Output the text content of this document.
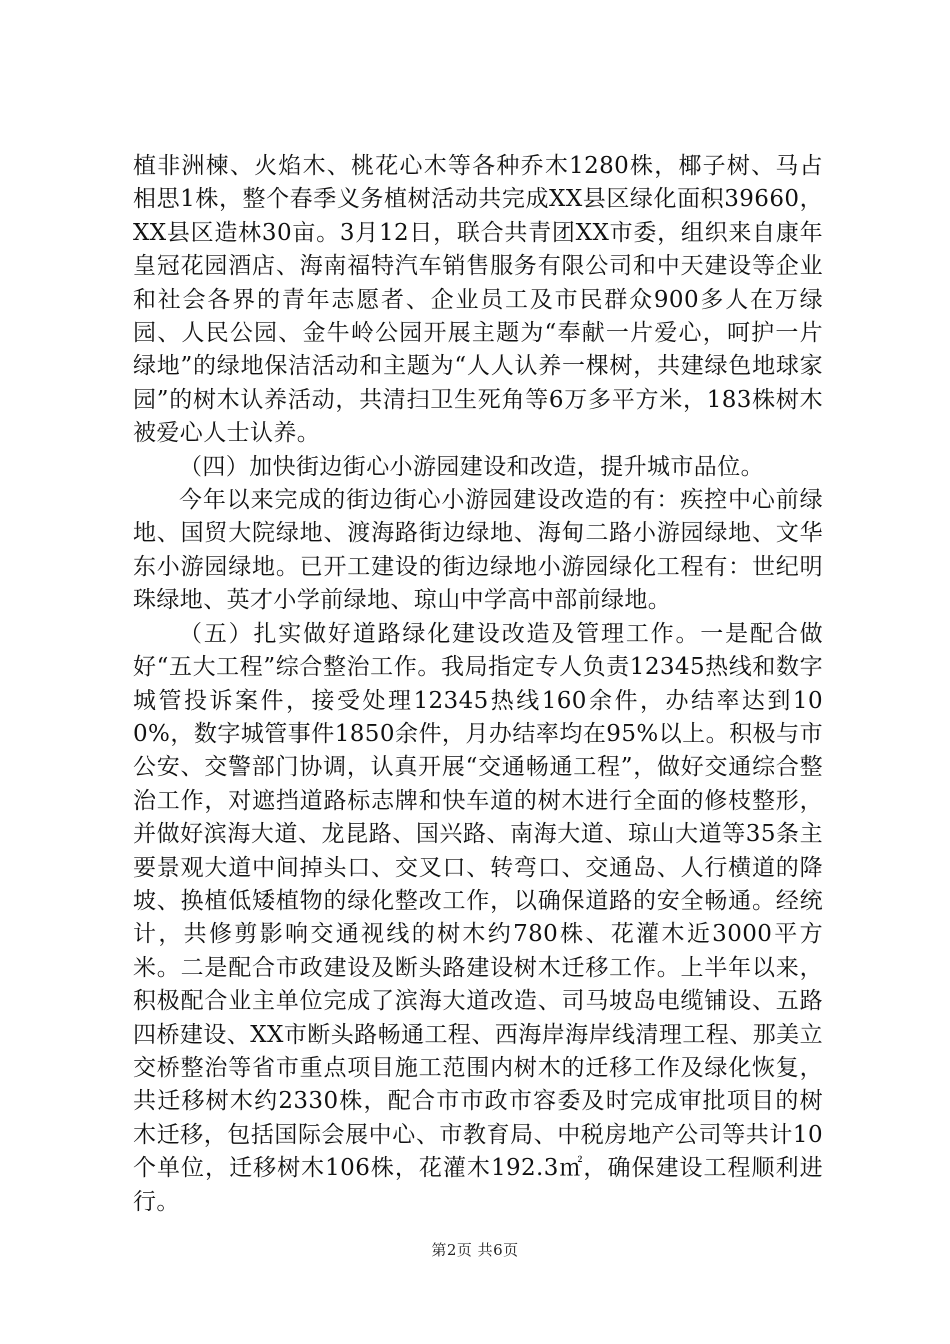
植非洲楝、火焰木、桃花心木等各种乔木1280株，椰子树、马占相思1株，整个春季义务植树活动共完成XX县区绿化面积39660，XX县区造林30亩。3月12日，联合共青团XX市委，组织来自康年皇冠花园酒店、海南福特汽车销售服务有限公司和中天建设等企业和社会各界的青年志愿者、企业员工及市民群众900多人在万绿园、人民公园、金牛岭公园开展主题为“奉献一片爱心，呵护一片绿地”的绿地保洁活动和主题为“人人认养一棵树，共建绿色地球家园”的树木认养活动，共清扫卫生死角等6万多平方米，183株树木被爱心人士认养。

（四）加快街边街心小游园建设和改造，提升城市品位。

今年以来完成的街边街心小游园建设改造的有：疾控中心前绿地、国贸大院绿地、渡海路街边绿地、海甸二路小游园绿地、文华东小游园绿地。已开工建设的街边绿地小游园绿化工程有：世纪明珠绿地、英才小学前绿地、琼山中学高中部前绿地。

（五）扎实做好道路绿化建设改造及管理工作。一是配合做好“五大工程”综合整治工作。我局指定专人负责12345热线和数字城管投诉案件，接受处理12345热线160余件，办结率达到100%，数字城管事件1850余件，月办结率均在95%以上。积极与市公安、交警部门协调，认真开展“交通畅通工程”，做好交通综合整治工作，对遮挡道路标志牌和快车道的树木进行全面的修枝整形，并做好滨海大道、龙昆路、国兴路、南海大道、琼山大道等35条主要景观大道中间掉头口、交叉口、转弯口、交通岛、人行横道的降坡、换植低矮植物的绿化整改工作，以确保道路的安全畅通。经统计，共修剪影响交通视线的树木约780株、花灌木近3000平方米。二是配合市政建设及断头路建设树木迁移工作。上半年以来，积极配合业主单位完成了滨海大道改造、司马坡岛电缆铺设、五路四桥建设、XX市断头路畅通工程、西海岸海岸线清理工程、那美立交桥整治等省市重点项目施工范围内树木的迁移工作及绿化恢复，共迁移树木约2330株，配合市市政市容委及时完成审批项目的树木迁移，包括国际会展中心、市教育局、中税房地产公司等共计10个单位，迁移树木106株，花灌木192.3㎡，确保建设工程顺利进行。

第2页 共6页
